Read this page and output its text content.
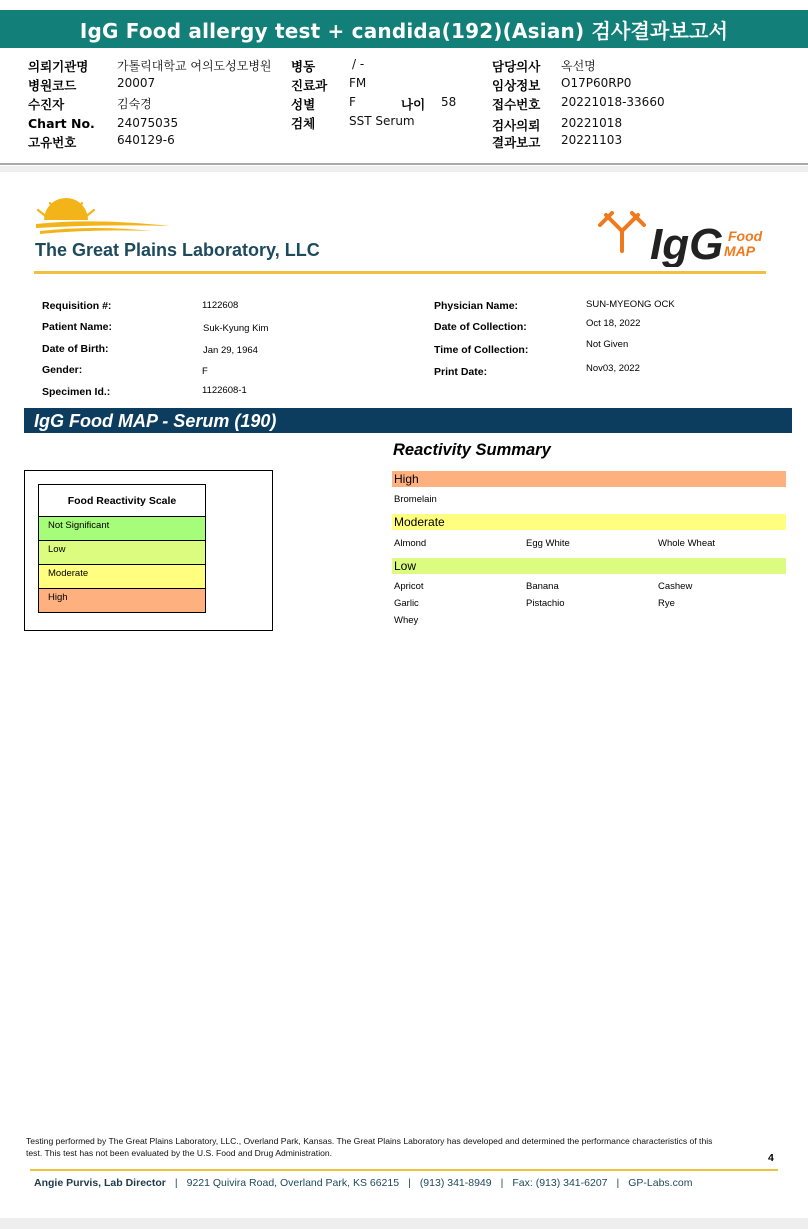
IgG Food allergy test + candida(192)(Asian) 검사결과보고서
의뢰기관명 가톨릭대학교 여의도성모병원
병원코드	20007
수진자	김숙경
Chart No. 24075035
고유번호	640129-6
병동	/ -
진료과 FM
성별	F	나이 58
검체	SST Serum
담당의사 옥선명
임상정보 O17P60RP0
접수번호 20221018-33660
검사의뢰 20221018
결과보고 20221103
The Great Plains Laboratory, LLC	IgG Food
MAP
Requisition #:	1122608
Patient Name:	Suk-Kyung Kim
Date of Birth:	Jan 29, 1964
Gender:	F
Specimen Id.:	1122608-1
Physician Name:	SUN-MYEONG OCK
Date of Collection:	Oct 18, 2022
Time of Collection:	Not Given
Print Date:	Nov03, 2022
IgG Food MAP - Serum (190)
Food Reactivity Scale
Not Significant
Low
Moderate
High
Reactivity Summary
High
Bromelain
Moderate
Almond	Egg White	Whole Wheat
Low
Apricot	Banana	Cashew
Garlic	Pistachio	Rye
Whey
Testing performed by The Great Plains Laboratory, LLC., Overland Park, Kansas. The Great Plains Laboratory has developed and determined the performance characteristics of this test. This test has not been evaluated by the U.S. Food and Drug Administration.	4
Angie Purvis, Lab Director | 9221 Quivira Road, Overland Park, KS 66215 | (913) 341-8949 | Fax: (913) 341-6207 | GP-Labs.com
